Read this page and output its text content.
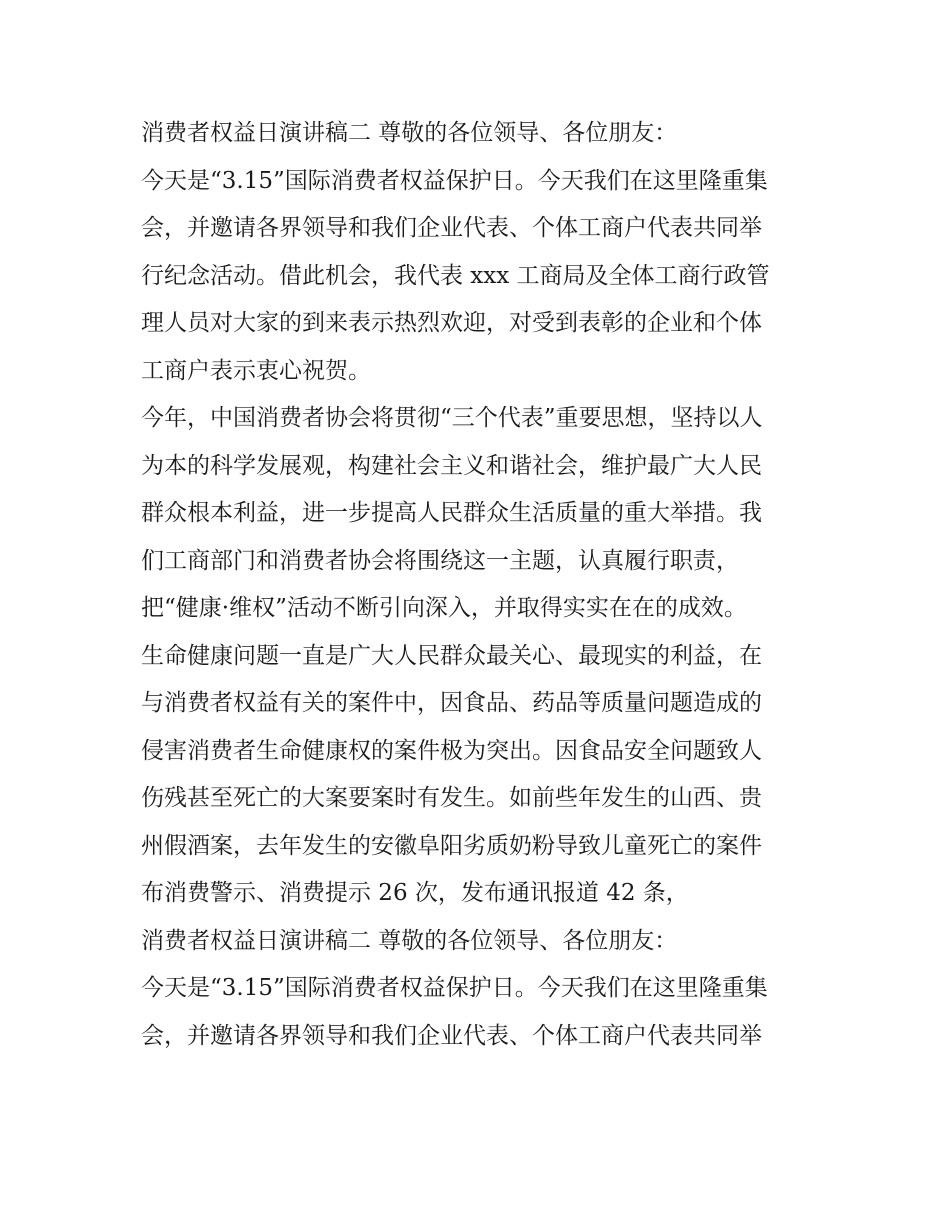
消费者权益日演讲稿二 尊敬的各位领导、各位朋友：
今天是“3.15”国际消费者权益保护日。今天我们在这里隆重集
会，并邀请各界领导和我们企业代表、个体工商户代表共同举
行纪念活动。借此机会，我代表 xxx 工商局及全体工商行政管
理人员对大家的到来表示热烈欢迎，对受到表彰的企业和个体
工商户表示衷心祝贺。
今年，中国消费者协会将贯彻“三个代表”重要思想，坚持以人
为本的科学发展观，构建社会主义和谐社会，维护最广大人民
群众根本利益，进一步提高人民群众生活质量的重大举措。我
们工商部门和消费者协会将围绕这一主题，认真履行职责，
把“健康·维权”活动不断引向深入，并取得实实在在的成效。
生命健康问题一直是广大人民群众最关心、最现实的利益，在
与消费者权益有关的案件中，因食品、药品等质量问题造成的
侵害消费者生命健康权的案件极为突出。因食品安全问题致人
伤残甚至死亡的大案要案时有发生。如前些年发生的山西、贵
州假酒案，去年发生的安徽阜阳劣质奶粉导致儿童死亡的案件
布消费警示、消费提示 26 次，发布通讯报道 42 条，
消费者权益日演讲稿二 尊敬的各位领导、各位朋友：
今天是“3.15”国际消费者权益保护日。今天我们在这里隆重集
会，并邀请各界领导和我们企业代表、个体工商户代表共同举
